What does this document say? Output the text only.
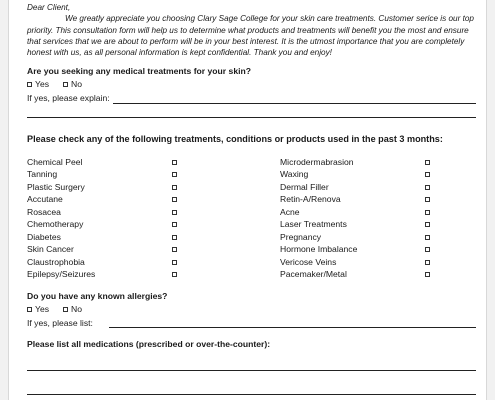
Dear Client,
We greatly appreciate you choosing Clary Sage College for your skin care treatments. Customer serice is our top priority. This consultation form will help us to determine what products and treatments will benefit you the most and ensure that services that we are about to perform will be in your best interest. It is the utmost importance that you are completely honest with us, as all personal information is kept confidential. Thank you and enjoy!
Are you seeking any medical treatments for your skin?
Yes	No
If yes, please explain:
Please check any of the following treatments, conditions or products used in the past 3 months:
Chemical Peel
Tanning
Plastic Surgery
Accutane
Rosacea
Chemotherapy
Diabetes
Skin Cancer
Claustrophobia
Epilepsy/Seizures
Microdermabrasion
Waxing
Dermal Filler
Retin-A/Renova
Acne
Laser Treatments
Pregnancy
Hormone Imbalance
Vericose Veins
Pacemaker/Metal
Do you have any known allergies?
Yes	No
If yes, please list:
Please list all medications (prescribed or over-the-counter):
